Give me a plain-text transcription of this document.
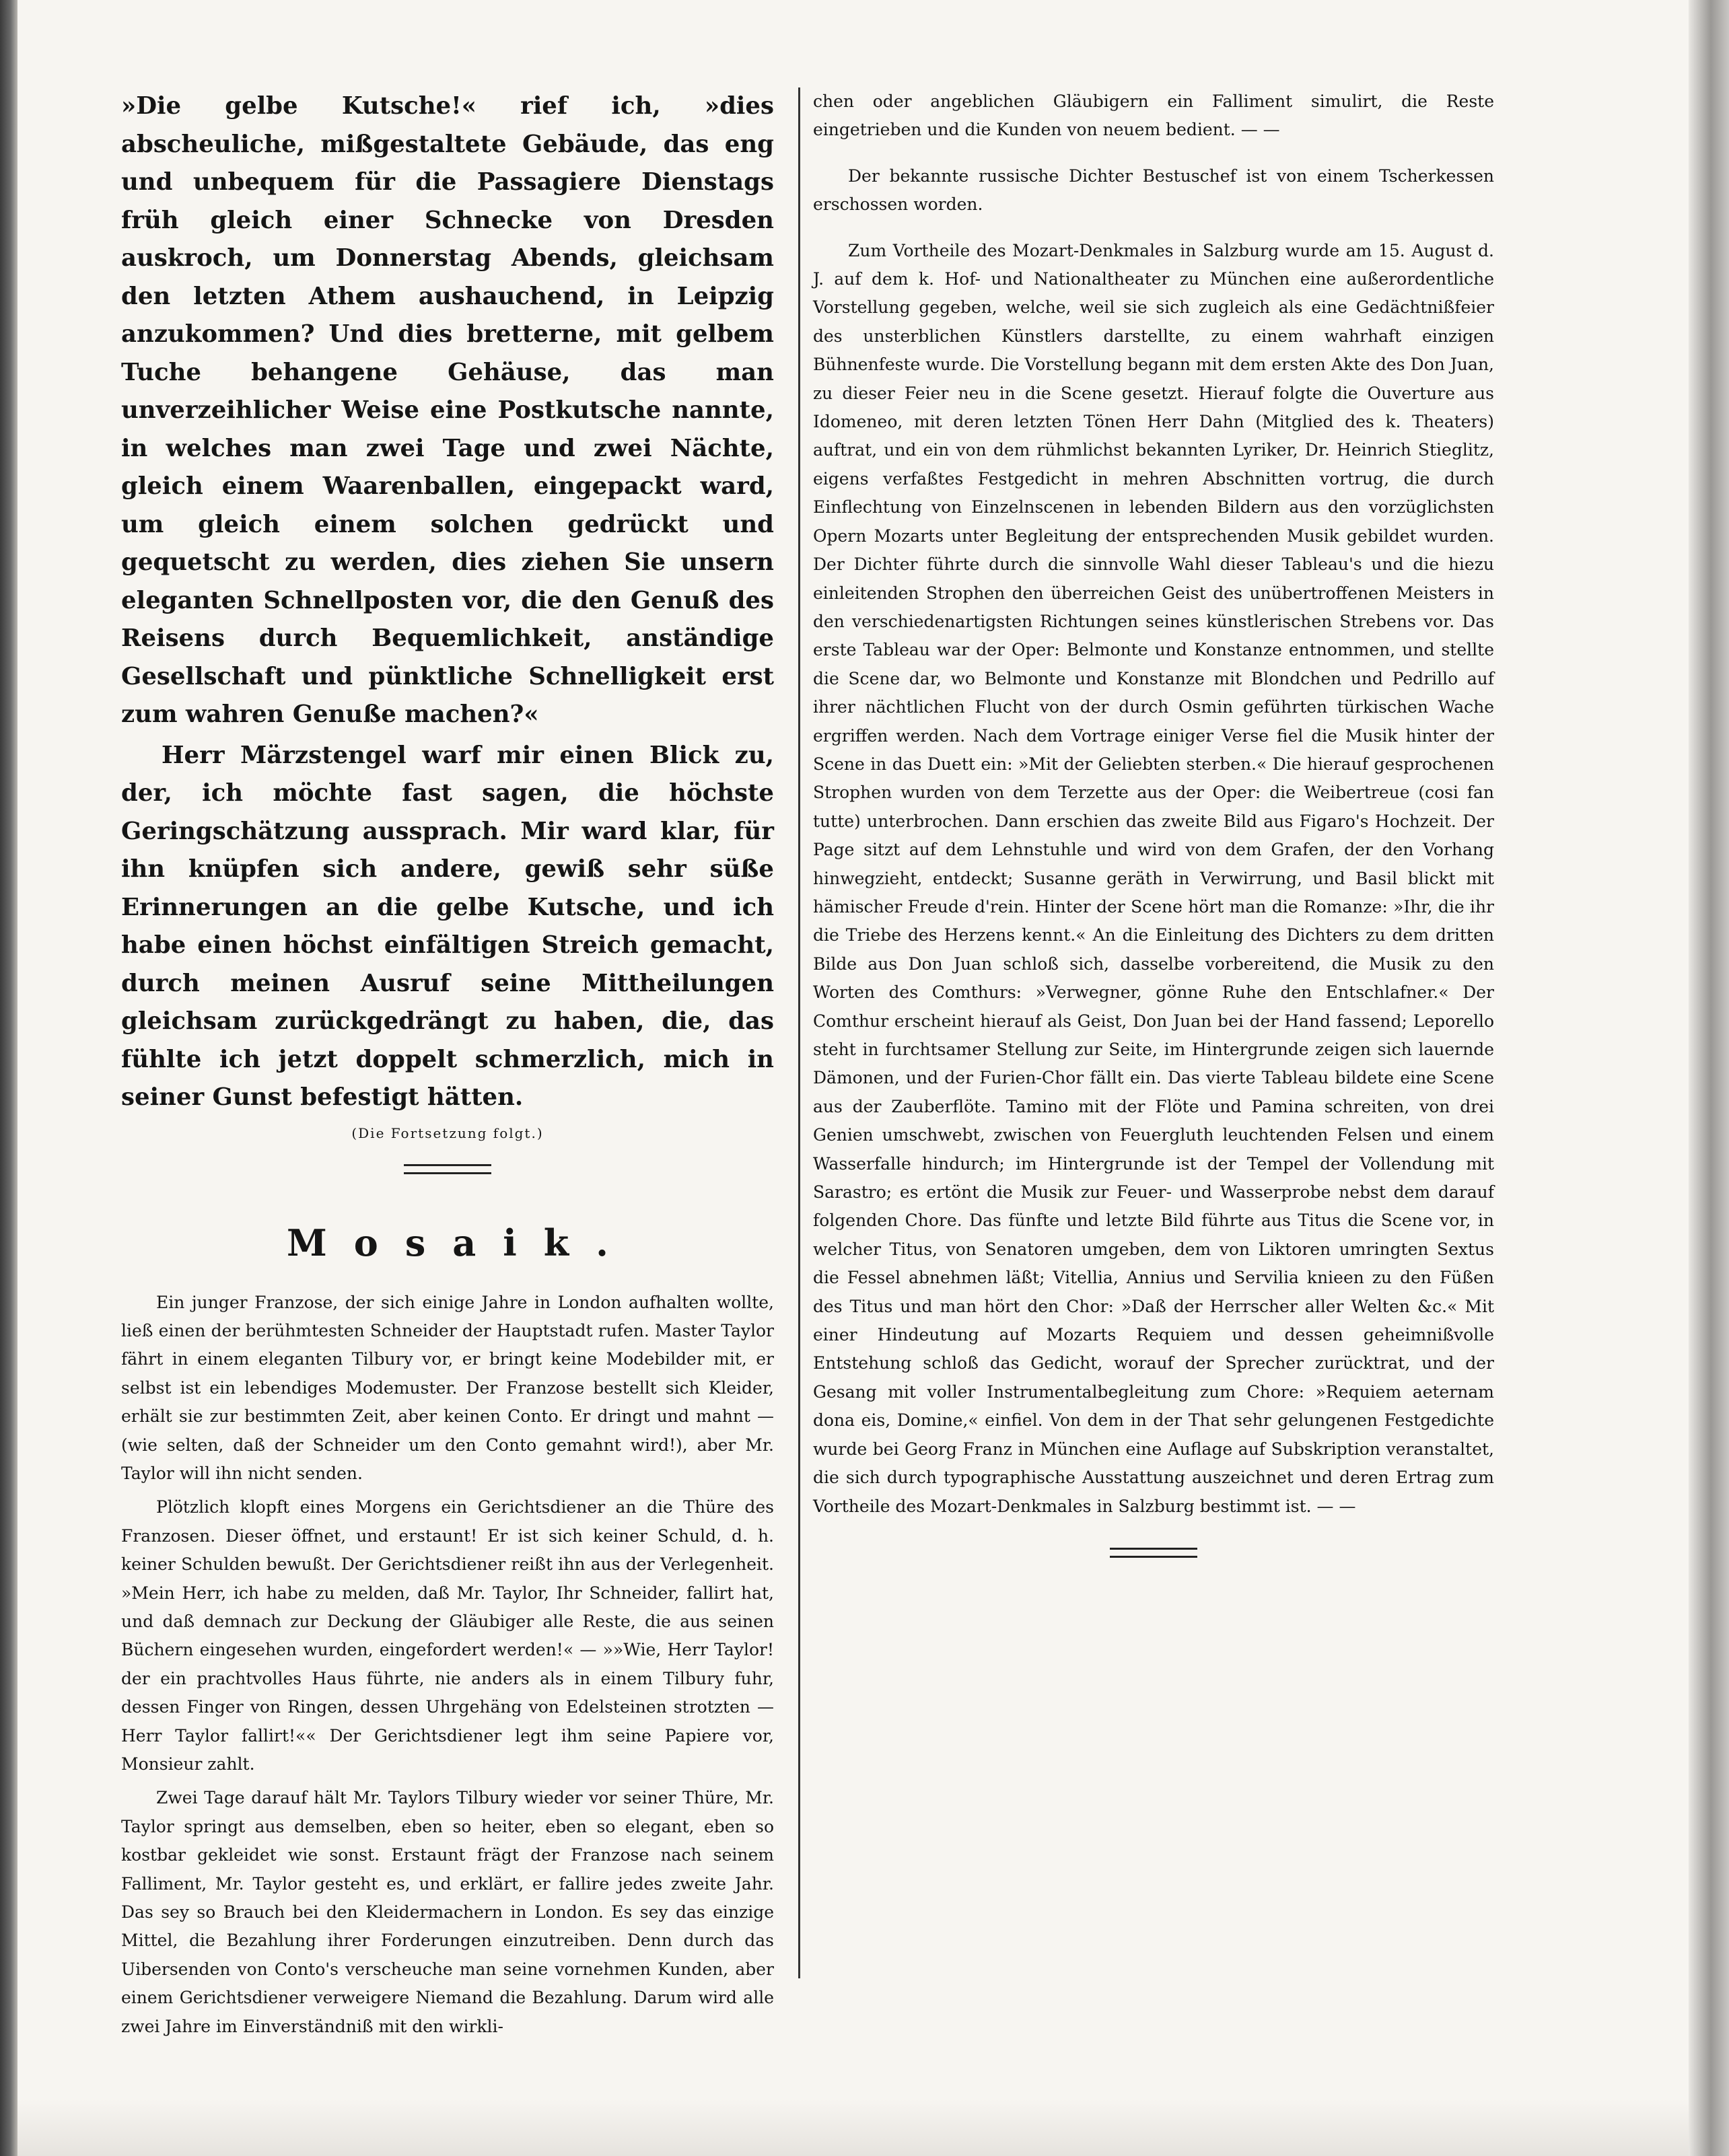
»Die gelbe Kutsche!« rief ich, »dies abscheuliche, mißgestaltete Gebäude, das eng und unbequem für die Passagiere Dienstags früh gleich einer Schnecke von Dresden auskroch, um Donnerstag Abends, gleichsam den letzten Athem aushauchend, in Leipzig anzukommen? Und dies bretterne, mit gelbem Tuche behangene Gehäuse, das man unverzeihlicher Weise eine Postkutsche nannte, in welches man zwei Tage und zwei Nächte, gleich einem Waarenballen, eingepackt ward, um gleich einem solchen gedrückt und gequetscht zu werden, dies ziehen Sie unsern eleganten Schnellposten vor, die den Genuß des Reisens durch Bequemlichkeit, anständige Gesellschaft und pünktliche Schnelligkeit erst zum wahren Genuße machen?«

Herr Märzstengel warf mir einen Blick zu, der, ich möchte fast sagen, die höchste Geringschätzung aussprach. Mir ward klar, für ihn knüpfen sich andere, gewiß sehr süße Erinnerungen an die gelbe Kutsche, und ich habe einen höchst einfältigen Streich gemacht, durch meinen Ausruf seine Mittheilungen gleichsam zurückgedrängt zu haben, die, das fühlte ich jetzt doppelt schmerzlich, mich in seiner Gunst befestigt hätten.

(Die Fortsetzung folgt.)
Mosaik.

Ein junger Franzose, der sich einige Jahre in London aufhalten wollte, ließ einen der berühmtesten Schneider der Hauptstadt rufen. Master Taylor fährt in einem eleganten Tilbury vor, er bringt keine Modebilder mit, er selbst ist ein lebendiges Modemuster. Der Franzose bestellt sich Kleider, erhält sie zur bestimmten Zeit, aber keinen Conto. Er dringt und mahnt — (wie selten, daß der Schneider um den Conto gemahnt wird!), aber Mr. Taylor will ihn nicht senden.

Plötzlich klopft eines Morgens ein Gerichtsdiener an die Thüre des Franzosen. Dieser öffnet, und erstaunt! Er ist sich keiner Schuld, d. h. keiner Schulden bewußt. Der Gerichtsdiener reißt ihn aus der Verlegenheit. »Mein Herr, ich habe zu melden, daß Mr. Taylor, Ihr Schneider, fallirt hat, und daß demnach zur Deckung der Gläubiger alle Reste, die aus seinen Büchern eingesehen wurden, eingefordert werden!« — »»Wie, Herr Taylor! der ein prachtvolles Haus führte, nie anders als in einem Tilbury fuhr, dessen Finger von Ringen, dessen Uhrgehäng von Edelsteinen strotzten — Herr Taylor fallirt!«« Der Gerichtsdiener legt ihm seine Papiere vor, Monsieur zahlt.

Zwei Tage darauf hält Mr. Taylors Tilbury wieder vor seiner Thüre, Mr. Taylor springt aus demselben, eben so heiter, eben so elegant, eben so kostbar gekleidet wie sonst. Erstaunt frägt der Franzose nach seinem Falliment, Mr. Taylor gesteht es, und erklärt, er fallire jedes zweite Jahr. Das sey so Brauch bei den Kleidermachern in London. Es sey das einzige Mittel, die Bezahlung ihrer Forderungen einzutreiben. Denn durch das Uibersenden von Conto's verscheuche man seine vornehmen Kunden, aber einem Gerichtsdiener verweigere Niemand die Bezahlung. Darum wird alle zwei Jahre im Einverständniß mit den wirkli-

chen oder angeblichen Gläubigern ein Falliment simulirt, die Reste eingetrieben und die Kunden von neuem bedient. — —

Der bekannte russische Dichter Bestuschef ist von einem Tscherkessen erschossen worden.

Zum Vortheile des Mozart-Denkmales in Salzburg wurde am 15. August d. J. auf dem k. Hof- und Nationaltheater zu München eine außerordentliche Vorstellung gegeben, welche, weil sie sich zugleich als eine Gedächtnißfeier des unsterblichen Künstlers darstellte, zu einem wahrhaft einzigen Bühnenfeste wurde. Die Vorstellung begann mit dem ersten Akte des Don Juan, zu dieser Feier neu in die Scene gesetzt. Hierauf folgte die Ouverture aus Idomeneo, mit deren letzten Tönen Herr Dahn (Mitglied des k. Theaters) auftrat, und ein von dem rühmlichst bekannten Lyriker, Dr. Heinrich Stieglitz, eigens verfaßtes Festgedicht in mehren Abschnitten vortrug, die durch Einflechtung von Einzelnscenen in lebenden Bildern aus den vorzüglichsten Opern Mozarts unter Begleitung der entsprechenden Musik gebildet wurden. Der Dichter führte durch die sinnvolle Wahl dieser Tableau's und die hiezu einleitenden Strophen den überreichen Geist des unübertroffenen Meisters in den verschiedenartigsten Richtungen seines künstlerischen Strebens vor. Das erste Tableau war der Oper: Belmonte und Konstanze entnommen, und stellte die Scene dar, wo Belmonte und Konstanze mit Blondchen und Pedrillo auf ihrer nächtlichen Flucht von der durch Osmin geführten türkischen Wache ergriffen werden. Nach dem Vortrage einiger Verse fiel die Musik hinter der Scene in das Duett ein: »Mit der Geliebten sterben.« Die hierauf gesprochenen Strophen wurden von dem Terzette aus der Oper: die Weibertreue (cosi fan tutte) unterbrochen. Dann erschien das zweite Bild aus Figaro's Hochzeit. Der Page sitzt auf dem Lehnstuhle und wird von dem Grafen, der den Vorhang hinwegzieht, entdeckt; Susanne geräth in Verwirrung, und Basil blickt mit hämischer Freude d'rein. Hinter der Scene hört man die Romanze: »Ihr, die ihr die Triebe des Herzens kennt.« An die Einleitung des Dichters zu dem dritten Bilde aus Don Juan schloß sich, dasselbe vorbereitend, die Musik zu den Worten des Comthurs: »Verwegner, gönne Ruhe den Entschlafner.« Der Comthur erscheint hierauf als Geist, Don Juan bei der Hand fassend; Leporello steht in furchtsamer Stellung zur Seite, im Hintergrunde zeigen sich lauernde Dämonen, und der Furien-Chor fällt ein. Das vierte Tableau bildete eine Scene aus der Zauberflöte. Tamino mit der Flöte und Pamina schreiten, von drei Genien umschwebt, zwischen von Feuergluth leuchtenden Felsen und einem Wasserfalle hindurch; im Hintergrunde ist der Tempel der Vollendung mit Sarastro; es ertönt die Musik zur Feuer- und Wasserprobe nebst dem darauf folgenden Chore. Das fünfte und letzte Bild führte aus Titus die Scene vor, in welcher Titus, von Senatoren umgeben, dem von Liktoren umringten Sextus die Fessel abnehmen läßt; Vitellia, Annius und Servilia knieen zu den Füßen des Titus und man hört den Chor: »Daß der Herrscher aller Welten &c.« Mit einer Hindeutung auf Mozarts Requiem und dessen geheimnißvolle Entstehung schloß das Gedicht, worauf der Sprecher zurücktrat, und der Gesang mit voller Instrumentalbegleitung zum Chore: »Requiem aeternam dona eis, Domine,« einfiel. Von dem in der That sehr gelungenen Festgedichte wurde bei Georg Franz in München eine Auflage auf Subskription veranstaltet, die sich durch typographische Ausstattung auszeichnet und deren Ertrag zum Vortheile des Mozart-Denkmales in Salzburg bestimmt ist. — —
